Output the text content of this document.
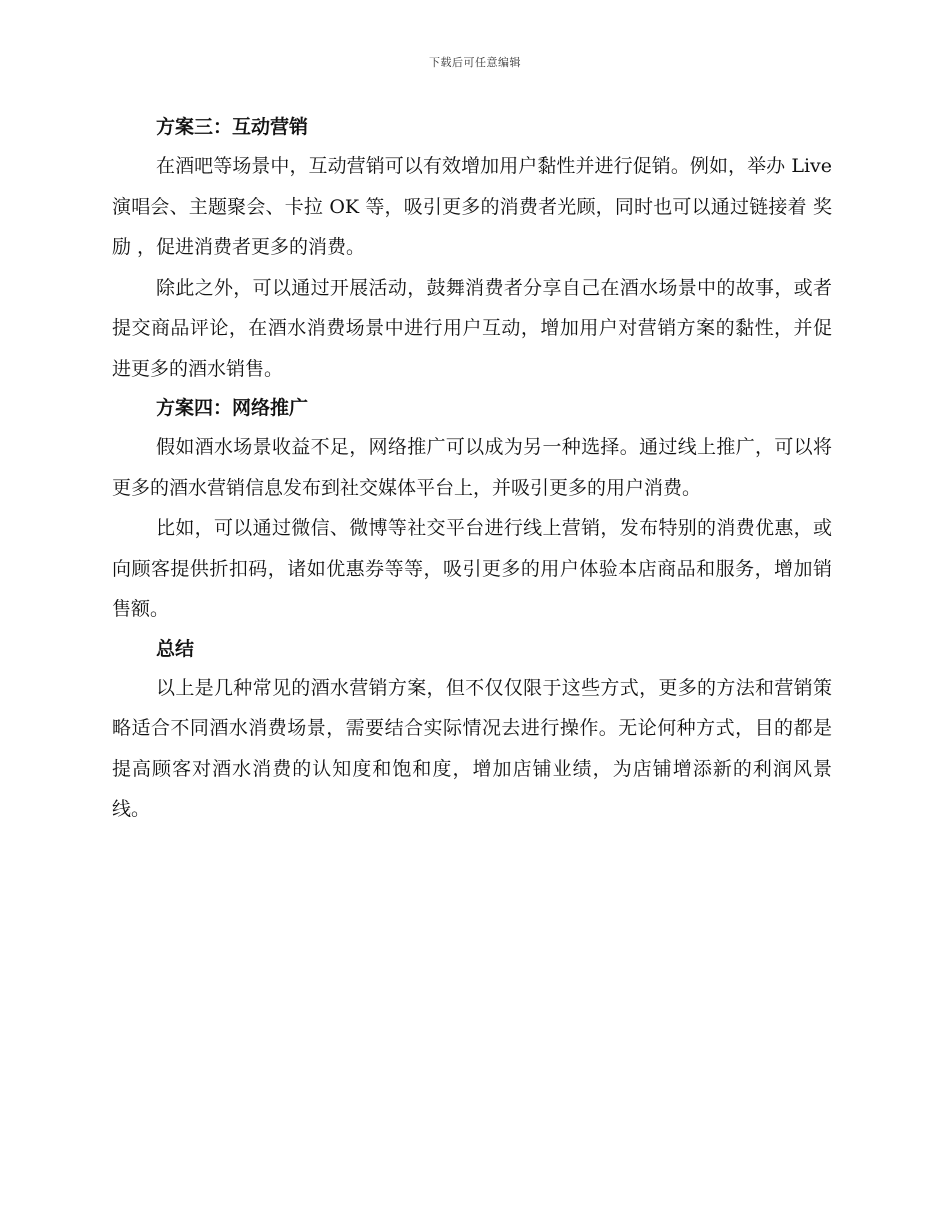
下载后可任意编辑
方案三：互动营销

在酒吧等场景中，互动营销可以有效增加用户黏性并进行促销。例如，举办 Live 演唱会、主题聚会、卡拉 OK 等，吸引更多的消费者光顾，同时也可以通过链接着 奖励 ，促进消费者更多的消费。

除此之外，可以通过开展活动，鼓舞消费者分享自己在酒水场景中的故事，或者提交商品评论，在酒水消费场景中进行用户互动，增加用户对营销方案的黏性，并促进更多的酒水销售。

方案四：网络推广

假如酒水场景收益不足，网络推广可以成为另一种选择。通过线上推广，可以将更多的酒水营销信息发布到社交媒体平台上，并吸引更多的用户消费。

比如，可以通过微信、微博等社交平台进行线上营销，发布特别的消费优惠，或向顾客提供折扣码，诸如优惠券等等，吸引更多的用户体验本店商品和服务，增加销售额。

总结

以上是几种常见的酒水营销方案，但不仅仅限于这些方式，更多的方法和营销策略适合不同酒水消费场景，需要结合实际情况去进行操作。无论何种方式，目的都是提高顾客对酒水消费的认知度和饱和度，增加店铺业绩，为店铺增添新的利润风景线。
